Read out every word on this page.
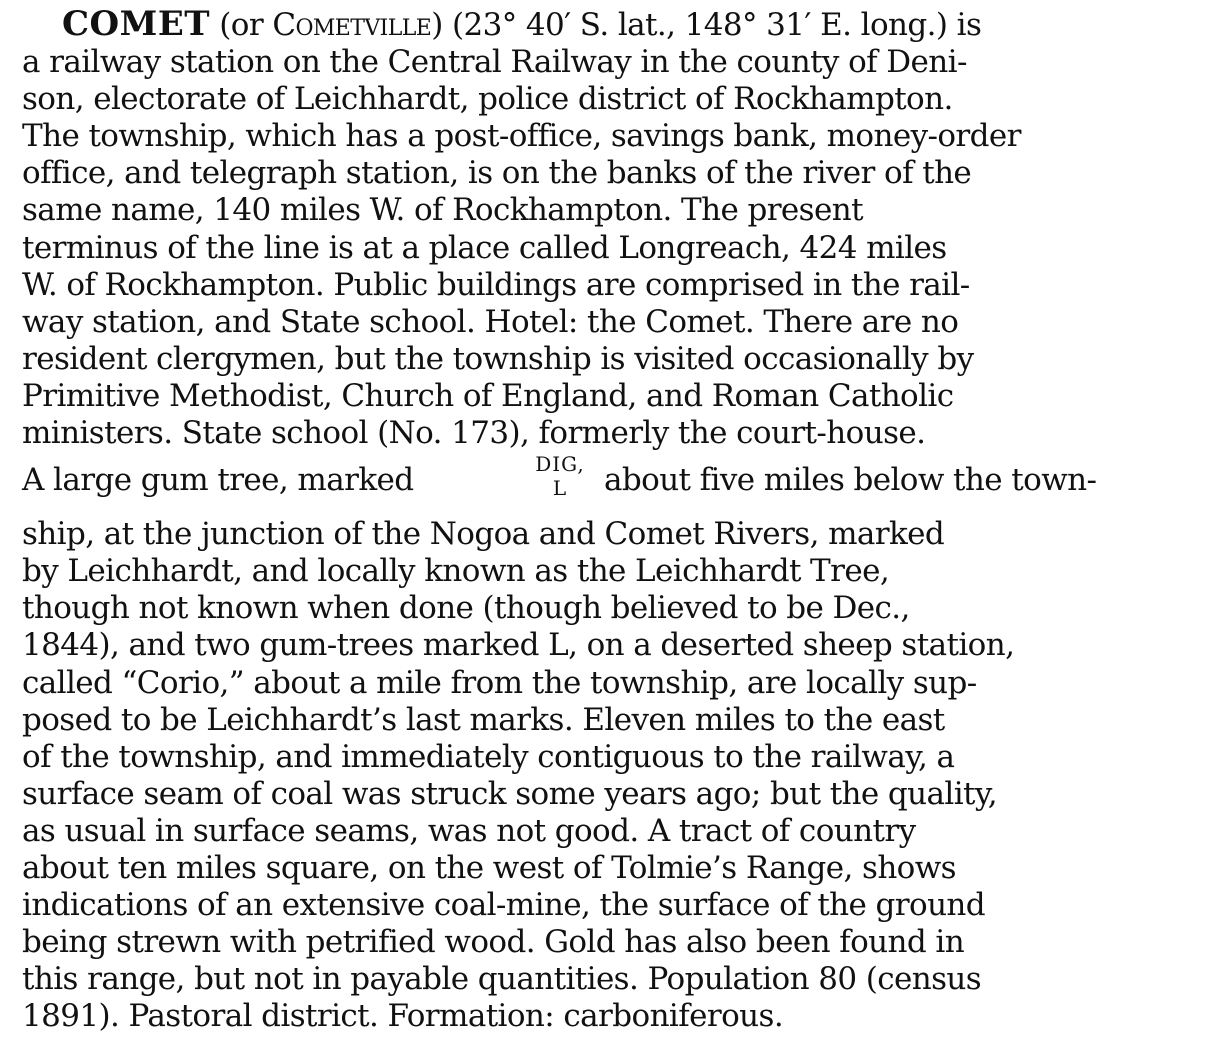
COMET (or Cometville) (23° 40′ S. lat., 148° 31′ E. long.) is
a railway station on the Central Railway in the county of Deni-
son, electorate of Leichhardt, police district of Rockhampton.
The township, which has a post-office, savings bank, money-order
office, and telegraph station, is on the banks of the river of the
same name, 140 miles W. of Rockhampton. The present
terminus of the line is at a place called Longreach, 424 miles
W. of Rockhampton. Public buildings are comprised in the rail-
way station, and State school. Hotel: the Comet. There are no
resident clergymen, but the township is visited occasionally by
Primitive Methodist, Church of England, and Roman Catholic
ministers. State school (No. 173), formerly the court-house.
A large gum tree, marked	DIG,
L	about five miles below the town-
ship, at the junction of the Nogoa and Comet Rivers, marked
by Leichhardt, and locally known as the Leichhardt Tree,
though not known when done (though believed to be Dec.,
1844), and two gum-trees marked L, on a deserted sheep station,
called “Corio,” about a mile from the township, are locally sup-
posed to be Leichhardt’s last marks. Eleven miles to the east
of the township, and immediately contiguous to the railway, a
surface seam of coal was struck some years ago; but the quality,
as usual in surface seams, was not good. A tract of country
about ten miles square, on the west of Tolmie’s Range, shows
indications of an extensive coal-mine, the surface of the ground
being strewn with petrified wood. Gold has also been found in
this range, but not in payable quantities. Population 80 (census
1891). Pastoral district. Formation: carboniferous.
